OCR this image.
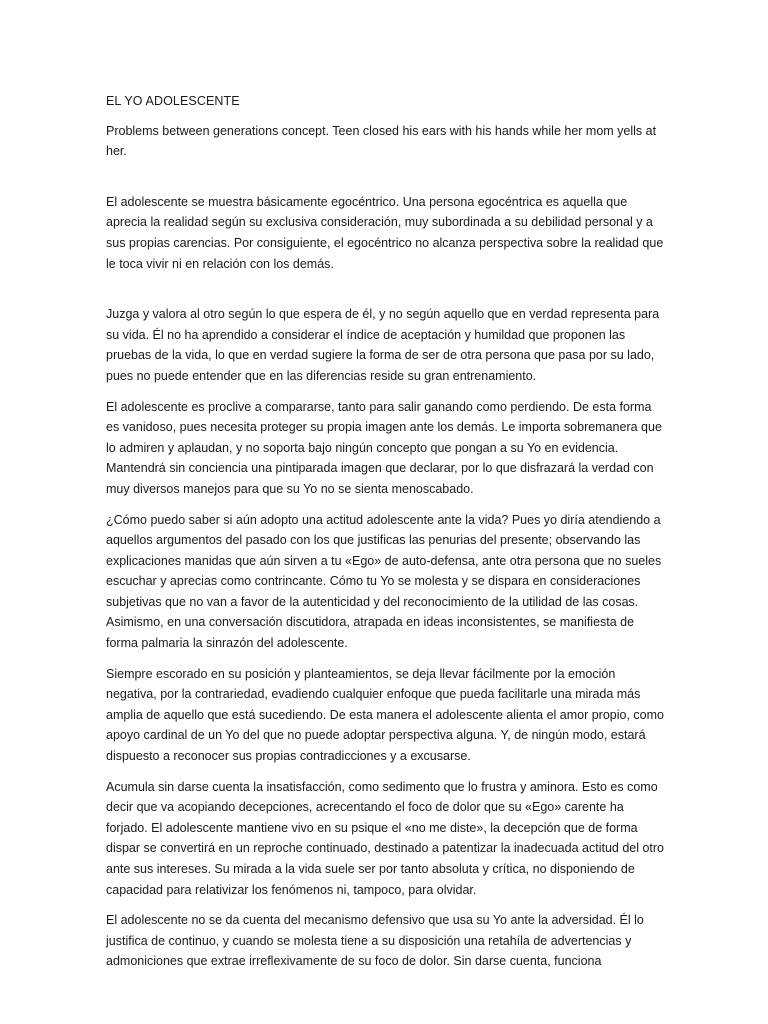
EL YO ADOLESCENTE

Problems between generations concept. Teen closed his ears with his hands while her mom yells at her.

El adolescente se muestra básicamente egocéntrico. Una persona egocéntrica es aquella que aprecia la realidad según su exclusiva consideración, muy subordinada a su debilidad personal y a sus propias carencias. Por consiguiente, el egocéntrico no alcanza perspectiva sobre la realidad que le toca vivir ni en relación con los demás.

Juzga y valora al otro según lo que espera de él, y no según aquello que en verdad representa para su vida. Él no ha aprendido a considerar el índice de aceptación y humildad que proponen las pruebas de la vida, lo que en verdad sugiere la forma de ser de otra persona que pasa por su lado, pues no puede entender que en las diferencias reside su gran entrenamiento.

El adolescente es proclive a compararse, tanto para salir ganando como perdiendo. De esta forma es vanidoso, pues necesita proteger su propia imagen ante los demás. Le importa sobremanera que lo admiren y aplaudan, y no soporta bajo ningún concepto que pongan a su Yo en evidencia. Mantendrá sin conciencia una pintiparada imagen que declarar, por lo que disfrazará la verdad con muy diversos manejos para que su Yo no se sienta menoscabado.

¿Cómo puedo saber si aún adopto una actitud adolescente ante la vida? Pues yo diría atendiendo a aquellos argumentos del pasado con los que justificas las penurias del presente; observando las explicaciones manidas que aún sirven a tu «Ego» de auto-defensa, ante otra persona que no sueles escuchar y aprecias como contrincante. Cómo tu Yo se molesta y se dispara en consideraciones subjetivas que no van a favor de la autenticidad y del reconocimiento de la utilidad de las cosas. Asimismo, en una conversación discutidora, atrapada en ideas inconsistentes, se manifiesta de forma palmaria la sinrazón del adolescente.

Siempre escorado en su posición y planteamientos, se deja llevar fácilmente por la emoción negativa, por la contrariedad, evadiendo cualquier enfoque que pueda facilitarle una mirada más amplia de aquello que está sucediendo. De esta manera el adolescente alienta el amor propio, como apoyo cardinal de un Yo del que no puede adoptar perspectiva alguna. Y, de ningún modo, estará dispuesto a reconocer sus propias contradicciones y a excusarse.

Acumula sin darse cuenta la insatisfacción, como sedimento que lo frustra y aminora. Esto es como decir que va acopiando decepciones, acrecentando el foco de dolor que su «Ego» carente ha forjado. El adolescente mantiene vivo en su psique el «no me diste», la decepción que de forma dispar se convertirá en un reproche continuado, destinado a patentizar la inadecuada actitud del otro ante sus intereses. Su mirada a la vida suele ser por tanto absoluta y crítica, no disponiendo de capacidad para relativizar los fenómenos ni, tampoco, para olvidar.

El adolescente no se da cuenta del mecanismo defensivo que usa su Yo ante la adversidad. Él lo justifica de continuo, y cuando se molesta tiene a su disposición una retahíla de advertencias y admoniciones que extrae irreflexivamente de su foco de dolor. Sin darse cuenta, funciona
